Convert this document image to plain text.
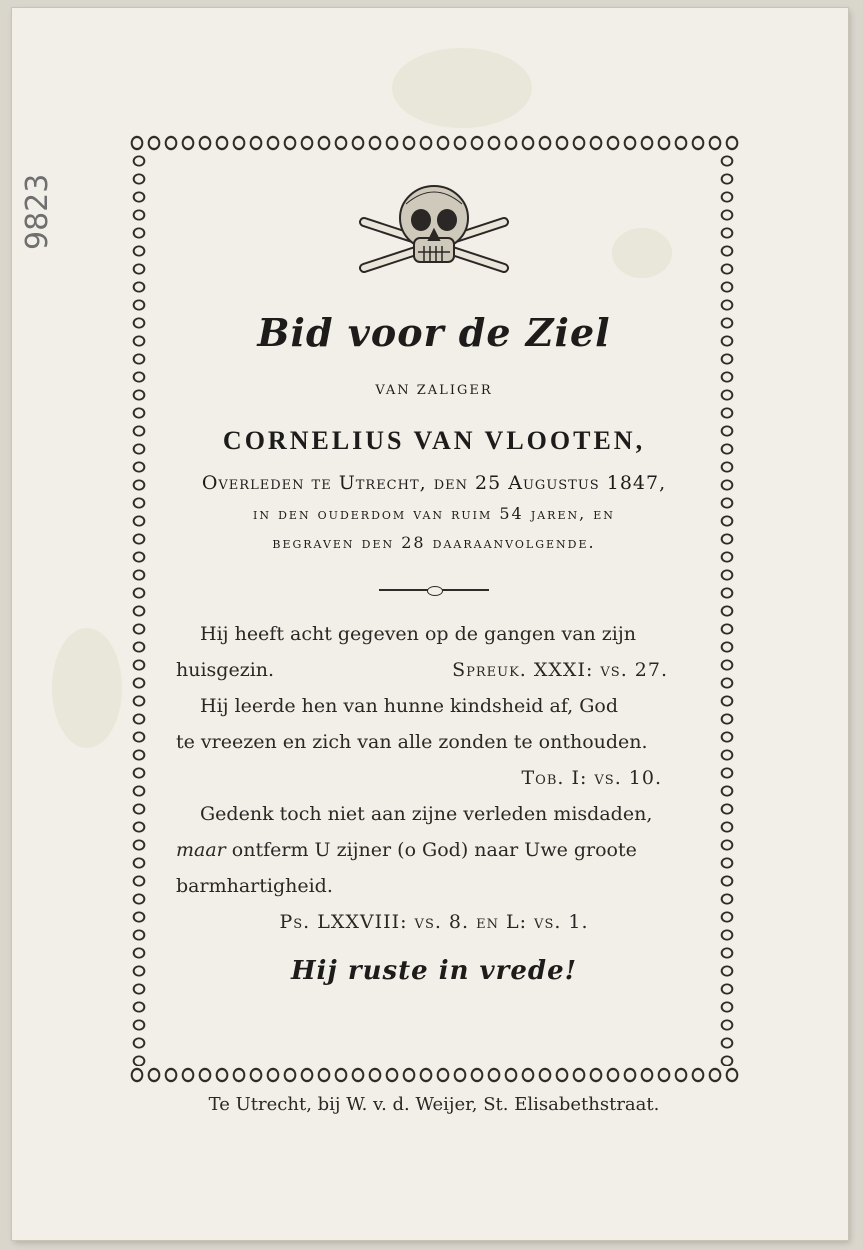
9823
Bid voor de Ziel
VAN ZALIGER
CORNELIUS VAN VLOOTEN,
Overleden te Utrecht, den 25 Augustus 1847,
in den ouderdom van ruim 54 jaren, en
begraven den 28 daaraanvolgende.

Hij heeft acht gegeven op de gangen van zijn

huisgezin.	Spreuk. XXXI: vs. 27.

Hij leerde hen van hunne kindsheid af, God

te vreezen en zich van alle zonden te onthouden.

Tob. I: vs. 10.

Gedenk toch niet aan zijne verleden misdaden,

maar ontferm U zijner (o God) naar Uwe groote

barmhartigheid.

Ps. LXXVIII: vs. 8. en L: vs. 1.

Hij ruste in vrede!
Te Utrecht, bij W. v. d. Weijer, St. Elisabethstraat.
